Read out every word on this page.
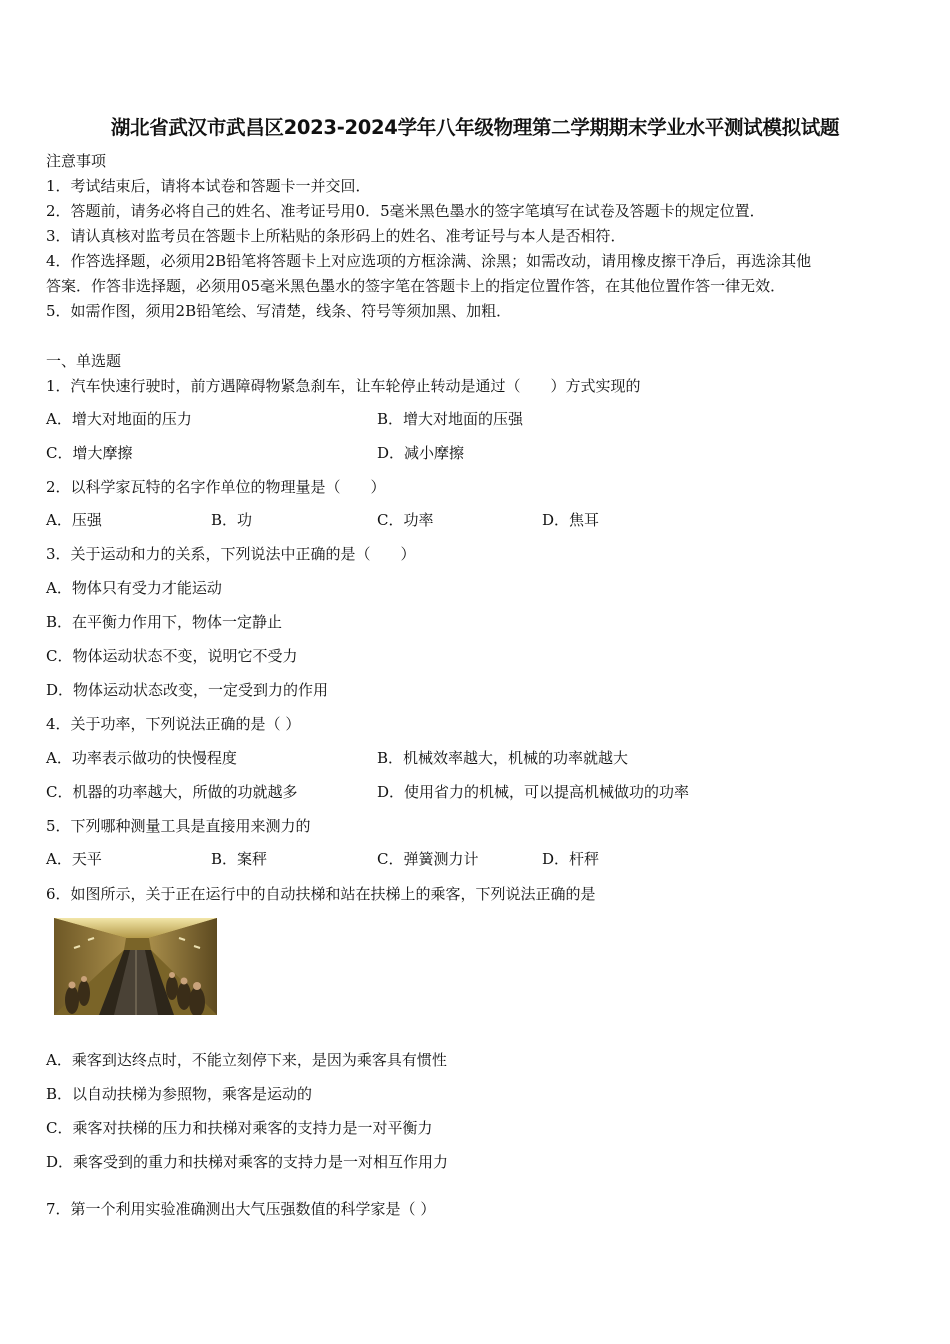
湖北省武汉市武昌区2023-2024学年八年级物理第二学期期末学业水平测试模拟试题
注意事项
1．考试结束后，请将本试卷和答题卡一并交回．
2．答题前，请务必将自己的姓名、准考证号用0．5毫米黑色墨水的签字笔填写在试卷及答题卡的规定位置．
3．请认真核对监考员在答题卡上所粘贴的条形码上的姓名、准考证号与本人是否相符．
4．作答选择题，必须用2B铅笔将答题卡上对应选项的方框涂满、涂黑；如需改动，请用橡皮擦干净后，再选涂其他
答案．作答非选择题，必须用05毫米黑色墨水的签字笔在答题卡上的指定位置作答，在其他位置作答一律无效．
5．如需作图，须用2B铅笔绘、写清楚，线条、符号等须加黑、加粗．
一、单选题
1．汽车快速行驶时，前方遇障碍物紧急刹车，让车轮停止转动是通过（　　）方式实现的
A．增大对地面的压力	B．增大对地面的压强
C．增大摩擦	D．减小摩擦
2．以科学家瓦特的名字作单位的物理量是（　　）
A．压强	B．功	C．功率	D．焦耳
3．关于运动和力的关系，下列说法中正确的是（　　）
A．物体只有受力才能运动
B．在平衡力作用下，物体一定静止
C．物体运动状态不变，说明它不受力
D．物体运动状态改变，一定受到力的作用
4．关于功率，下列说法正确的是（ ）
A．功率表示做功的快慢程度	B．机械效率越大，机械的功率就越大
C．机器的功率越大，所做的功就越多	D．使用省力的机械，可以提高机械做功的功率
5．下列哪种测量工具是直接用来测力的
A．天平	B．案秤	C．弹簧测力计	D．杆秤
6．如图所示，关于正在运行中的自动扶梯和站在扶梯上的乘客，下列说法正确的是
A．乘客到达终点时，不能立刻停下来，是因为乘客具有惯性
B．以自动扶梯为参照物，乘客是运动的
C．乘客对扶梯的压力和扶梯对乘客的支持力是一对平衡力
D．乘客受到的重力和扶梯对乘客的支持力是一对相互作用力
7．第一个利用实验准确测出大气压强数值的科学家是（ ）
